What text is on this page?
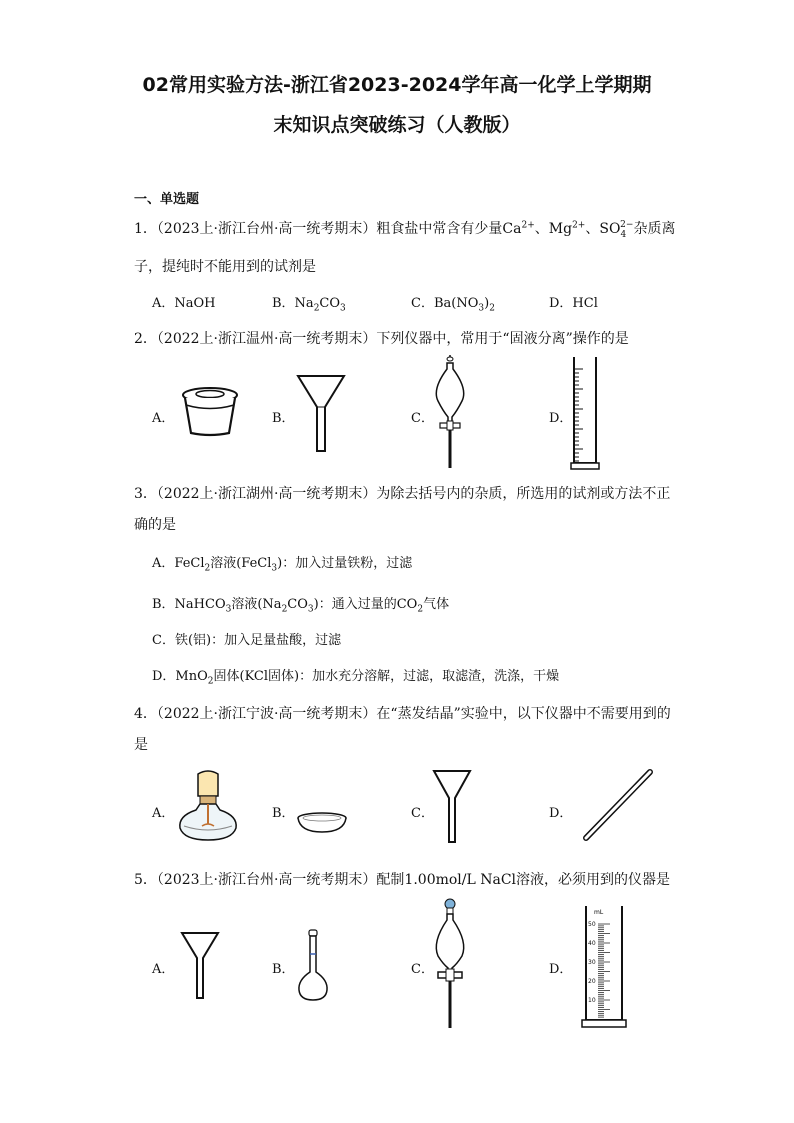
02常用实验方法-浙江省2023-2024学年高一化学上学期期
末知识点突破练习（人教版）
一、单选题
1．（2023上·浙江台州·高一统考期末）粗食盐中常含有少量$Ca^{2+}$、$Mg^{2+}$、$SO_4^{2-}$杂质离
子，提纯时不能用到的试剂是
A．NaOH	B．$Na_2CO_3$	C．$Ba(NO_3)_2$	D．HCl
2．（2022上·浙江温州·高一统考期末）下列仪器中，常用于“固液分离”操作的是
A．	B．	C．	D．
3．（2022上·浙江湖州·高一统考期末）为除去括号内的杂质，所选用的试剂或方法不正
确的是
A．FeCl$_2$溶液(FeCl$_3$)：加入过量铁粉，过滤
B．NaHCO$_3$溶液$(Na_2CO_3)$：通入过量的$CO_2$气体
C．铁(铝)：加入足量盐酸，过滤
D．MnO$_2$固体(KCl固体)：加水充分溶解，过滤，取滤渣，洗涤，干燥
4．（2022上·浙江宁波·高一统考期末）在“蒸发结晶”实验中，以下仪器中不需要用到的
是
A．	B．	C．	D．
5．（2023上·浙江台州·高一统考期末）配制1.00mol/L NaCl溶液，必须用到的仪器是
A．	B．	C．	D．
mL
50
40
30
20
10
